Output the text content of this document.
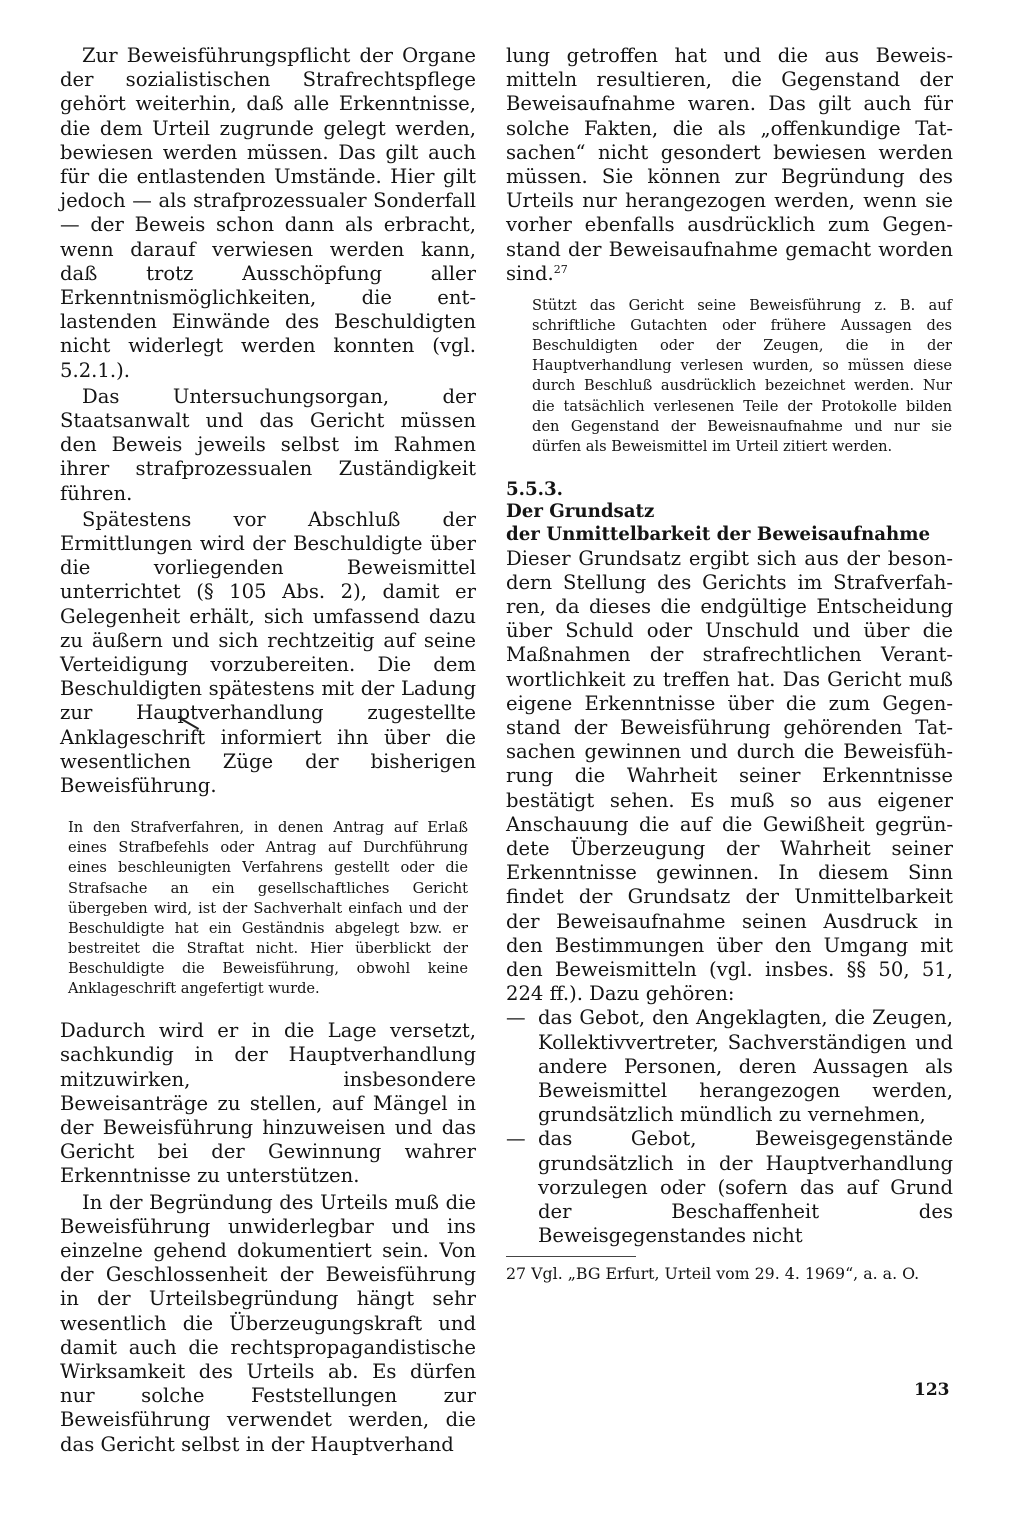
Zur Beweisführungspflicht der Organe der sozialistischen Strafrechtspflege gehört weiterhin, daß alle Erkenntnisse, die dem Urteil zugrunde gelegt werden, bewiesen werden müssen. Das gilt auch für die entlastenden Umstände. Hier gilt jedoch — als strafprozessualer Sonderfall — der Beweis schon dann als erbracht, wenn darauf verwiesen werden kann, daß trotz Ausschöpfung aller Erkenntnismöglichkeiten, die entlastenden Einwände des Beschuldigten nicht widerlegt werden konnten (vgl. 5.2.1.).

Das Untersuchungsorgan, der Staatsanwalt und das Gericht müssen den Beweis jeweils selbst im Rahmen ihrer strafprozessualen Zuständigkeit führen.

Spätestens vor Abschluß der Ermittlungen wird der Beschuldigte über die vorliegenden Beweismittel unterrichtet (§ 105 Abs. 2), damit er Gelegenheit erhält, sich umfassend dazu zu äußern und sich rechtzeitig auf seine Verteidigung vorzubereiten. Die dem Beschuldigten spätestens mit der Ladung zur Hauptverhandlung zugestellte Anklageschrift informiert ihn über die wesentlichen Züge der bisherigen Beweisführung.

In den Strafverfahren, in denen Antrag auf Erlaß eines Strafbefehls oder Antrag auf Durchführung eines beschleunigten Verfahrens gestellt oder die Strafsache an ein gesellschaftliches Gericht übergeben wird, ist der Sachverhalt einfach und der Beschuldigte hat ein Geständnis abgelegt bzw. er bestreitet die Straftat nicht. Hier überblickt der Beschuldigte die Beweisführung, obwohl keine Anklageschrift angefertigt wurde.

Dadurch wird er in die Lage versetzt, sachkundig in der Hauptverhandlung mitzuwirken, insbesondere Beweisanträge zu stellen, auf Mängel in der Beweisführung hinzuweisen und das Gericht bei der Gewinnung wahrer Erkenntnisse zu unterstützen.

In der Begründung des Urteils muß die Beweisführung unwiderlegbar und ins einzelne gehend dokumentiert sein. Von der Geschlossenheit der Beweisführung in der Urteilsbegründung hängt sehr wesentlich die Überzeugungskraft und damit auch die rechtspropagandistische Wirksamkeit des Urteils ab. Es dürfen nur solche Feststellungen zur Beweisführung verwendet werden, die das Gericht selbst in der Hauptverhand

lung getroffen hat und die aus Beweismitteln resultieren, die Gegenstand der Beweisaufnahme waren. Das gilt auch für solche Fakten, die als „offenkundige Tatsachen“ nicht gesondert bewiesen werden müssen. Sie können zur Begründung des Urteils nur herangezogen werden, wenn sie vorher ebenfalls ausdrücklich zum Gegenstand der Beweisaufnahme gemacht worden sind.$^{27}$

Stützt das Gericht seine Beweisführung z. B. auf schriftliche Gutachten oder frühere Aussagen des Beschuldigten oder der Zeugen, die in der Hauptverhandlung verlesen wurden, so müssen diese durch Beschluß ausdrücklich bezeichnet werden. Nur die tatsächlich verlesenen Teile der Protokolle bilden den Gegenstand der Beweisnaufnahme und nur sie dürfen als Beweismittel im Urteil zitiert werden.

5.5.3.
Der Grundsatz
der Unmittelbarkeit der Beweisaufnahme

Dieser Grundsatz ergibt sich aus der besondern Stellung des Gerichts im Strafverfahren, da dieses die endgültige Entscheidung über Schuld oder Unschuld und über die Maßnahmen der strafrechtlichen Verantwortlichkeit zu treffen hat. Das Gericht muß eigene Erkenntnisse über die zum Gegenstand der Beweisführung gehörenden Tatsachen gewinnen und durch die Beweisführung die Wahrheit seiner Erkenntnisse bestätigt sehen. Es muß so aus eigener Anschauung die auf die Gewißheit gegründete Überzeugung der Wahrheit seiner Erkenntnisse gewinnen. In diesem Sinn findet der Grundsatz der Unmittelbarkeit der Beweisaufnahme seinen Ausdruck in den Bestimmungen über den Umgang mit den Beweismitteln (vgl. insbes. §§ 50, 51, 224 ff.). Dazu gehören:

— das Gebot, den Angeklagten, die Zeugen, Kollektivvertreter, Sachverständigen und andere Personen, deren Aussagen als Beweismittel herangezogen werden, grundsätzlich mündlich zu vernehmen,
— das Gebot, Beweisgegenstände grundsätzlich in der Hauptverhandlung vorzulegen oder (sofern das auf Grund der Beschaffenheit des Beweisgegenstandes nicht

27 Vgl. „BG Erfurt, Urteil vom 29. 4. 1969“, a. a. O.

123
